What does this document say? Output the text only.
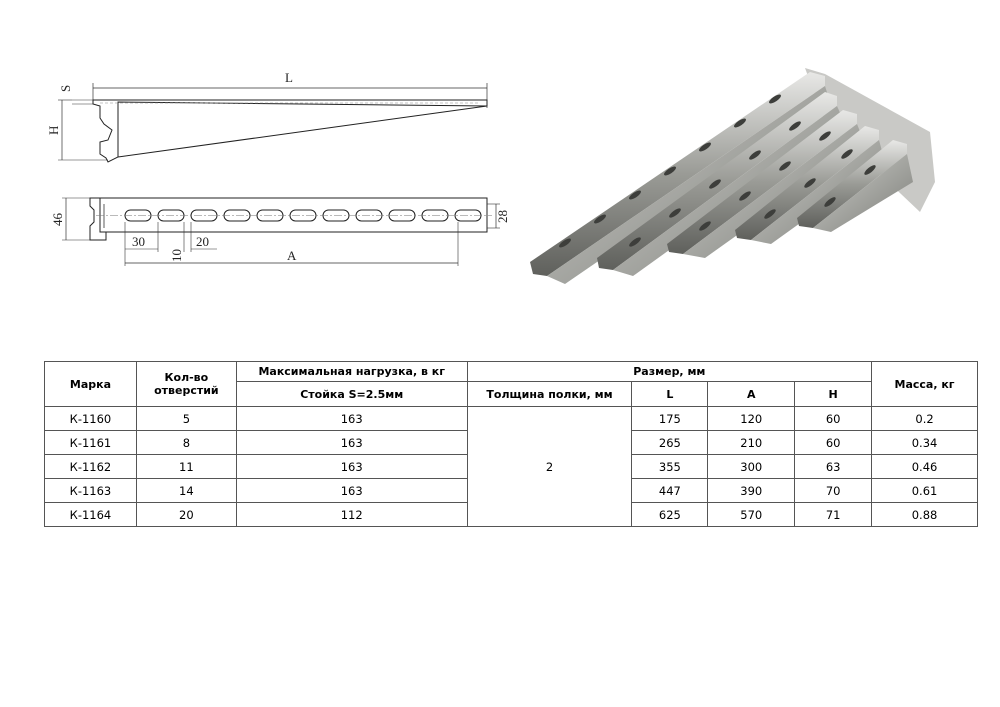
L
S
H
46	28
30
10
20
A
Марка	Кол-во отверстий	Максимальная нагрузка, в кг	Размер, мм				Масса, кг
		Стойка S=2.5мм	Толщина полки, мм	L	A	H	
К-1160	5	163	2	175	120	60	0.2
К-1161	8	163		265	210	60	0.34
К-1162	11	163		355	300	63	0.46
К-1163	14	163		447	390	70	0.61
К-1164	20	112		625	570	71	0.88
